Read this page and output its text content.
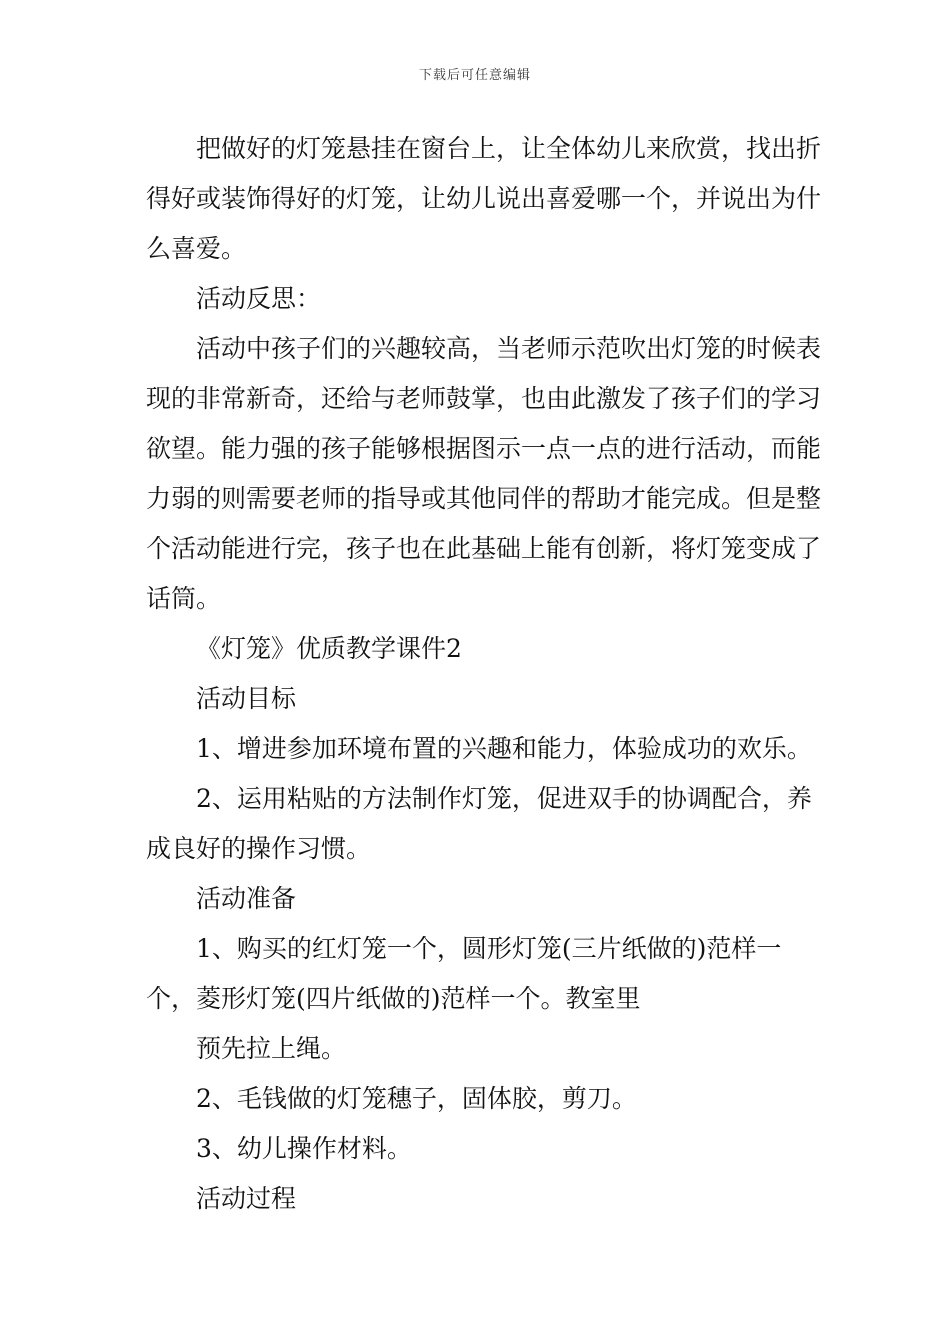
下载后可任意编辑

把做好的灯笼悬挂在窗台上，让全体幼儿来欣赏，找出折得好或装饰得好的灯笼，让幼儿说出喜爱哪一个，并说出为什么喜爱。

活动反思：

活动中孩子们的兴趣较高，当老师示范吹出灯笼的时候表现的非常新奇，还给与老师鼓掌，也由此激发了孩子们的学习欲望。能力强的孩子能够根据图示一点一点的进行活动，而能力弱的则需要老师的指导或其他同伴的帮助才能完成。但是整个活动能进行完，孩子也在此基础上能有创新，将灯笼变成了话筒。

《灯笼》优质教学课件2

活动目标

1、增进参加环境布置的兴趣和能力，体验成功的欢乐。

2、运用粘贴的方法制作灯笼，促进双手的协调配合，养成良好的操作习惯。

活动准备

1、购买的红灯笼一个，圆形灯笼(三片纸做的)范样一个，菱形灯笼(四片纸做的)范样一个。教室里

预先拉上绳。

2、毛钱做的灯笼穗子，固体胶，剪刀。

3、幼儿操作材料。

活动过程
